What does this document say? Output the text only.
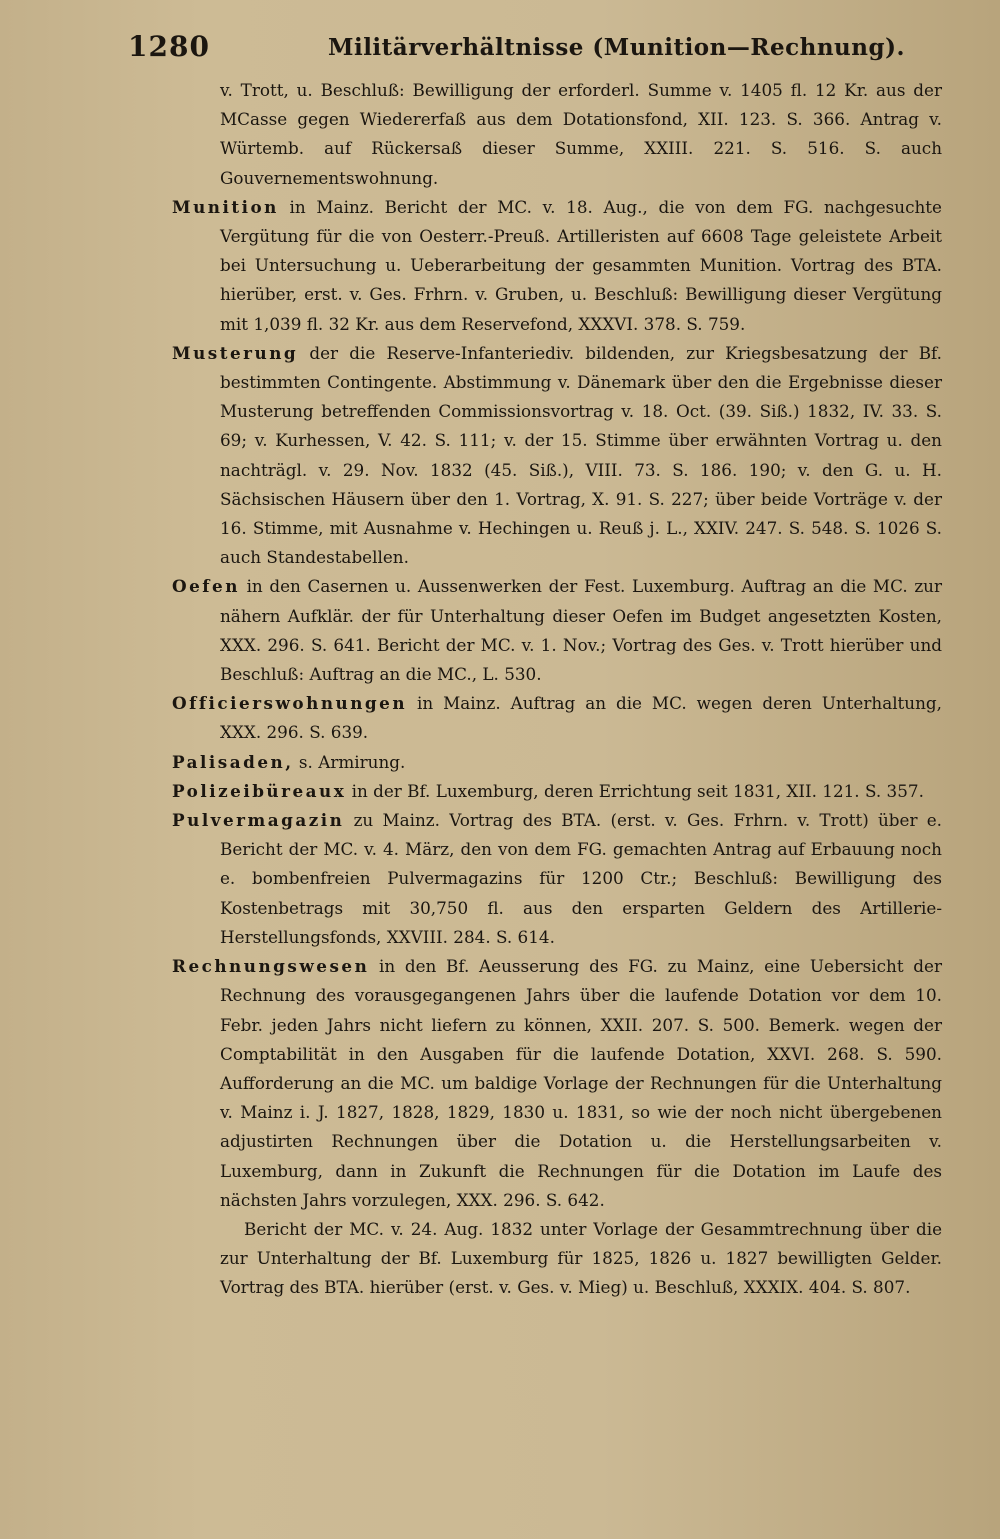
1280	Militärverhältnisse (Munition—Rechnung).

v. Trott, u. Beschluß: Bewilligung der erforderl. Summe v. 1405 fl. 12 Kr. aus der MCasse gegen Wiedererfaß aus dem Dotationsfond, XII. 123. S. 366. Antrag v. Würtemb. auf Rückersaß dieser Summe, XXIII. 221. S. 516. S. auch Gouvernementswohnung.

Munition in Mainz. Bericht der MC. v. 18. Aug., die von dem FG. nachgesuchte Vergütung für die von Oesterr.-Preuß. Artilleristen auf 6608 Tage geleistete Arbeit bei Untersuchung u. Ueberarbeitung der gesammten Munition. Vortrag des BTA. hierüber, erst. v. Ges. Frhrn. v. Gruben, u. Beschluß: Bewilligung dieser Vergütung mit 1,039 fl. 32 Kr. aus dem Reservefond, XXXVI. 378. S. 759.

Musterung der die Reserve-Infanteriediv. bildenden, zur Kriegsbesatzung der Bf. bestimmten Contingente. Abstimmung v. Dänemark über den die Ergebnisse dieser Musterung betreffenden Commissionsvortrag v. 18. Oct. (39. Siß.) 1832, IV. 33. S. 69; v. Kurhessen, V. 42. S. 111; v. der 15. Stimme über erwähnten Vortrag u. den nachträgl. v. 29. Nov. 1832 (45. Siß.), VIII. 73. S. 186. 190; v. den G. u. H. Sächsischen Häusern über den 1. Vortrag, X. 91. S. 227; über beide Vorträge v. der 16. Stimme, mit Ausnahme v. Hechingen u. Reuß j. L., XXIV. 247. S. 548. S. 1026 S. auch Standestabellen.

Oefen in den Casernen u. Aussenwerken der Fest. Luxemburg. Auftrag an die MC. zur nähern Aufklär. der für Unterhaltung dieser Oefen im Budget angesetzten Kosten, XXX. 296. S. 641. Bericht der MC. v. 1. Nov.; Vortrag des Ges. v. Trott hierüber und Beschluß: Auftrag an die MC., L. 530.

Officierswohnungen in Mainz. Auftrag an die MC. wegen deren Unterhaltung, XXX. 296. S. 639.

Palisaden, s. Armirung.

Polizeibüreaux in der Bf. Luxemburg, deren Errichtung seit 1831, XII. 121. S. 357.

Pulvermagazin zu Mainz. Vortrag des BTA. (erst. v. Ges. Frhrn. v. Trott) über e. Bericht der MC. v. 4. März, den von dem FG. gemachten Antrag auf Erbauung noch e. bombenfreien Pulvermagazins für 1200 Ctr.; Beschluß: Bewilligung des Kostenbetrags mit 30,750 fl. aus den ersparten Geldern des Artillerie-Herstellungsfonds, XXVIII. 284. S. 614.

Rechnungswesen in den Bf. Aeusserung des FG. zu Mainz, eine Uebersicht der Rechnung des vorausgegangenen Jahrs über die laufende Dotation vor dem 10. Febr. jeden Jahrs nicht liefern zu können, XXII. 207. S. 500. Bemerk. wegen der Comptabilität in den Ausgaben für die laufende Dotation, XXVI. 268. S. 590. Aufforderung an die MC. um baldige Vorlage der Rechnungen für die Unterhaltung v. Mainz i. J. 1827, 1828, 1829, 1830 u. 1831, so wie der noch nicht übergebenen adjustirten Rechnungen über die Dotation u. die Herstellungsarbeiten v. Luxemburg, dann in Zukunft die Rechnungen für die Dotation im Laufe des nächsten Jahrs vorzulegen, XXX. 296. S. 642.

Bericht der MC. v. 24. Aug. 1832 unter Vorlage der Gesammtrechnung über die zur Unterhaltung der Bf. Luxemburg für 1825, 1826 u. 1827 bewilligten Gelder. Vortrag des BTA. hierüber (erst. v. Ges. v. Mieg) u. Beschluß, XXXIX. 404. S. 807.
